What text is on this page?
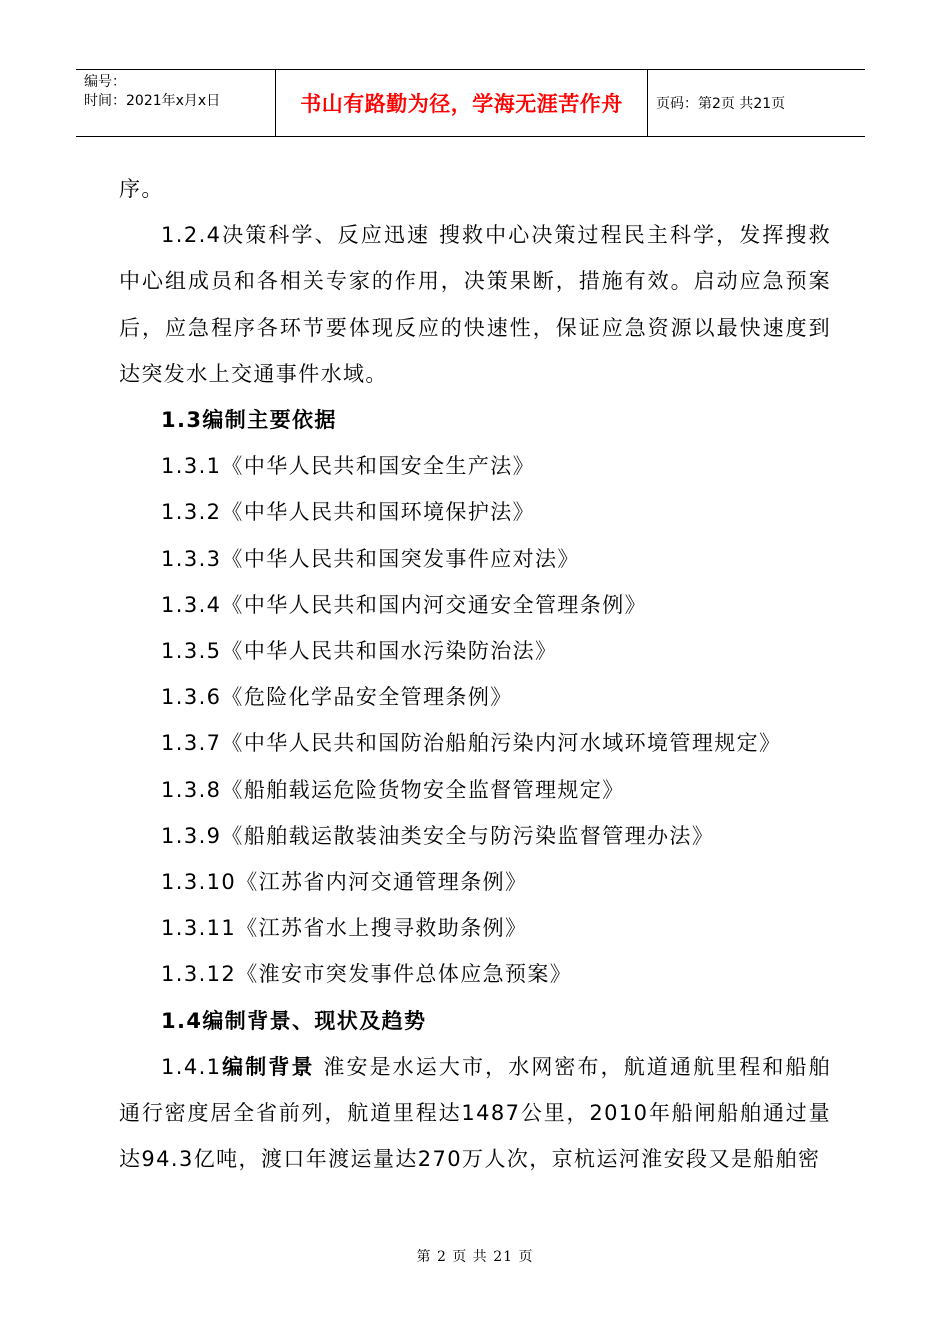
编号：
时间：2021年x月x日	书山有路勤为径，学海无涯苦作舟	页码：第2页 共21页

序。

1.2.4决策科学、反应迅速 搜救中心决策过程民主科学，发挥搜救中心组成员和各相关专家的作用，决策果断，措施有效。启动应急预案后，应急程序各环节要体现反应的快速性，保证应急资源以最快速度到达突发水上交通事件水域。

1.3编制主要依据

1.3.1《中华人民共和国安全生产法》

1.3.2《中华人民共和国环境保护法》

1.3.3《中华人民共和国突发事件应对法》

1.3.4《中华人民共和国内河交通安全管理条例》

1.3.5《中华人民共和国水污染防治法》

1.3.6《危险化学品安全管理条例》

1.3.7《中华人民共和国防治船舶污染内河水域环境管理规定》

1.3.8《船舶载运危险货物安全监督管理规定》

1.3.9《船舶载运散装油类安全与防污染监督管理办法》

1.3.10《江苏省内河交通管理条例》

1.3.11《江苏省水上搜寻救助条例》

1.3.12《淮安市突发事件总体应急预案》

1.4编制背景、现状及趋势

1.4.1编制背景 淮安是水运大市，水网密布，航道通航里程和船舶通行密度居全省前列，航道里程达1487公里，2010年船闸船舶通过量达94.3亿吨，渡口年渡运量达270万人次，京杭运河淮安段又是船舶密

第 2 页 共 21 页
